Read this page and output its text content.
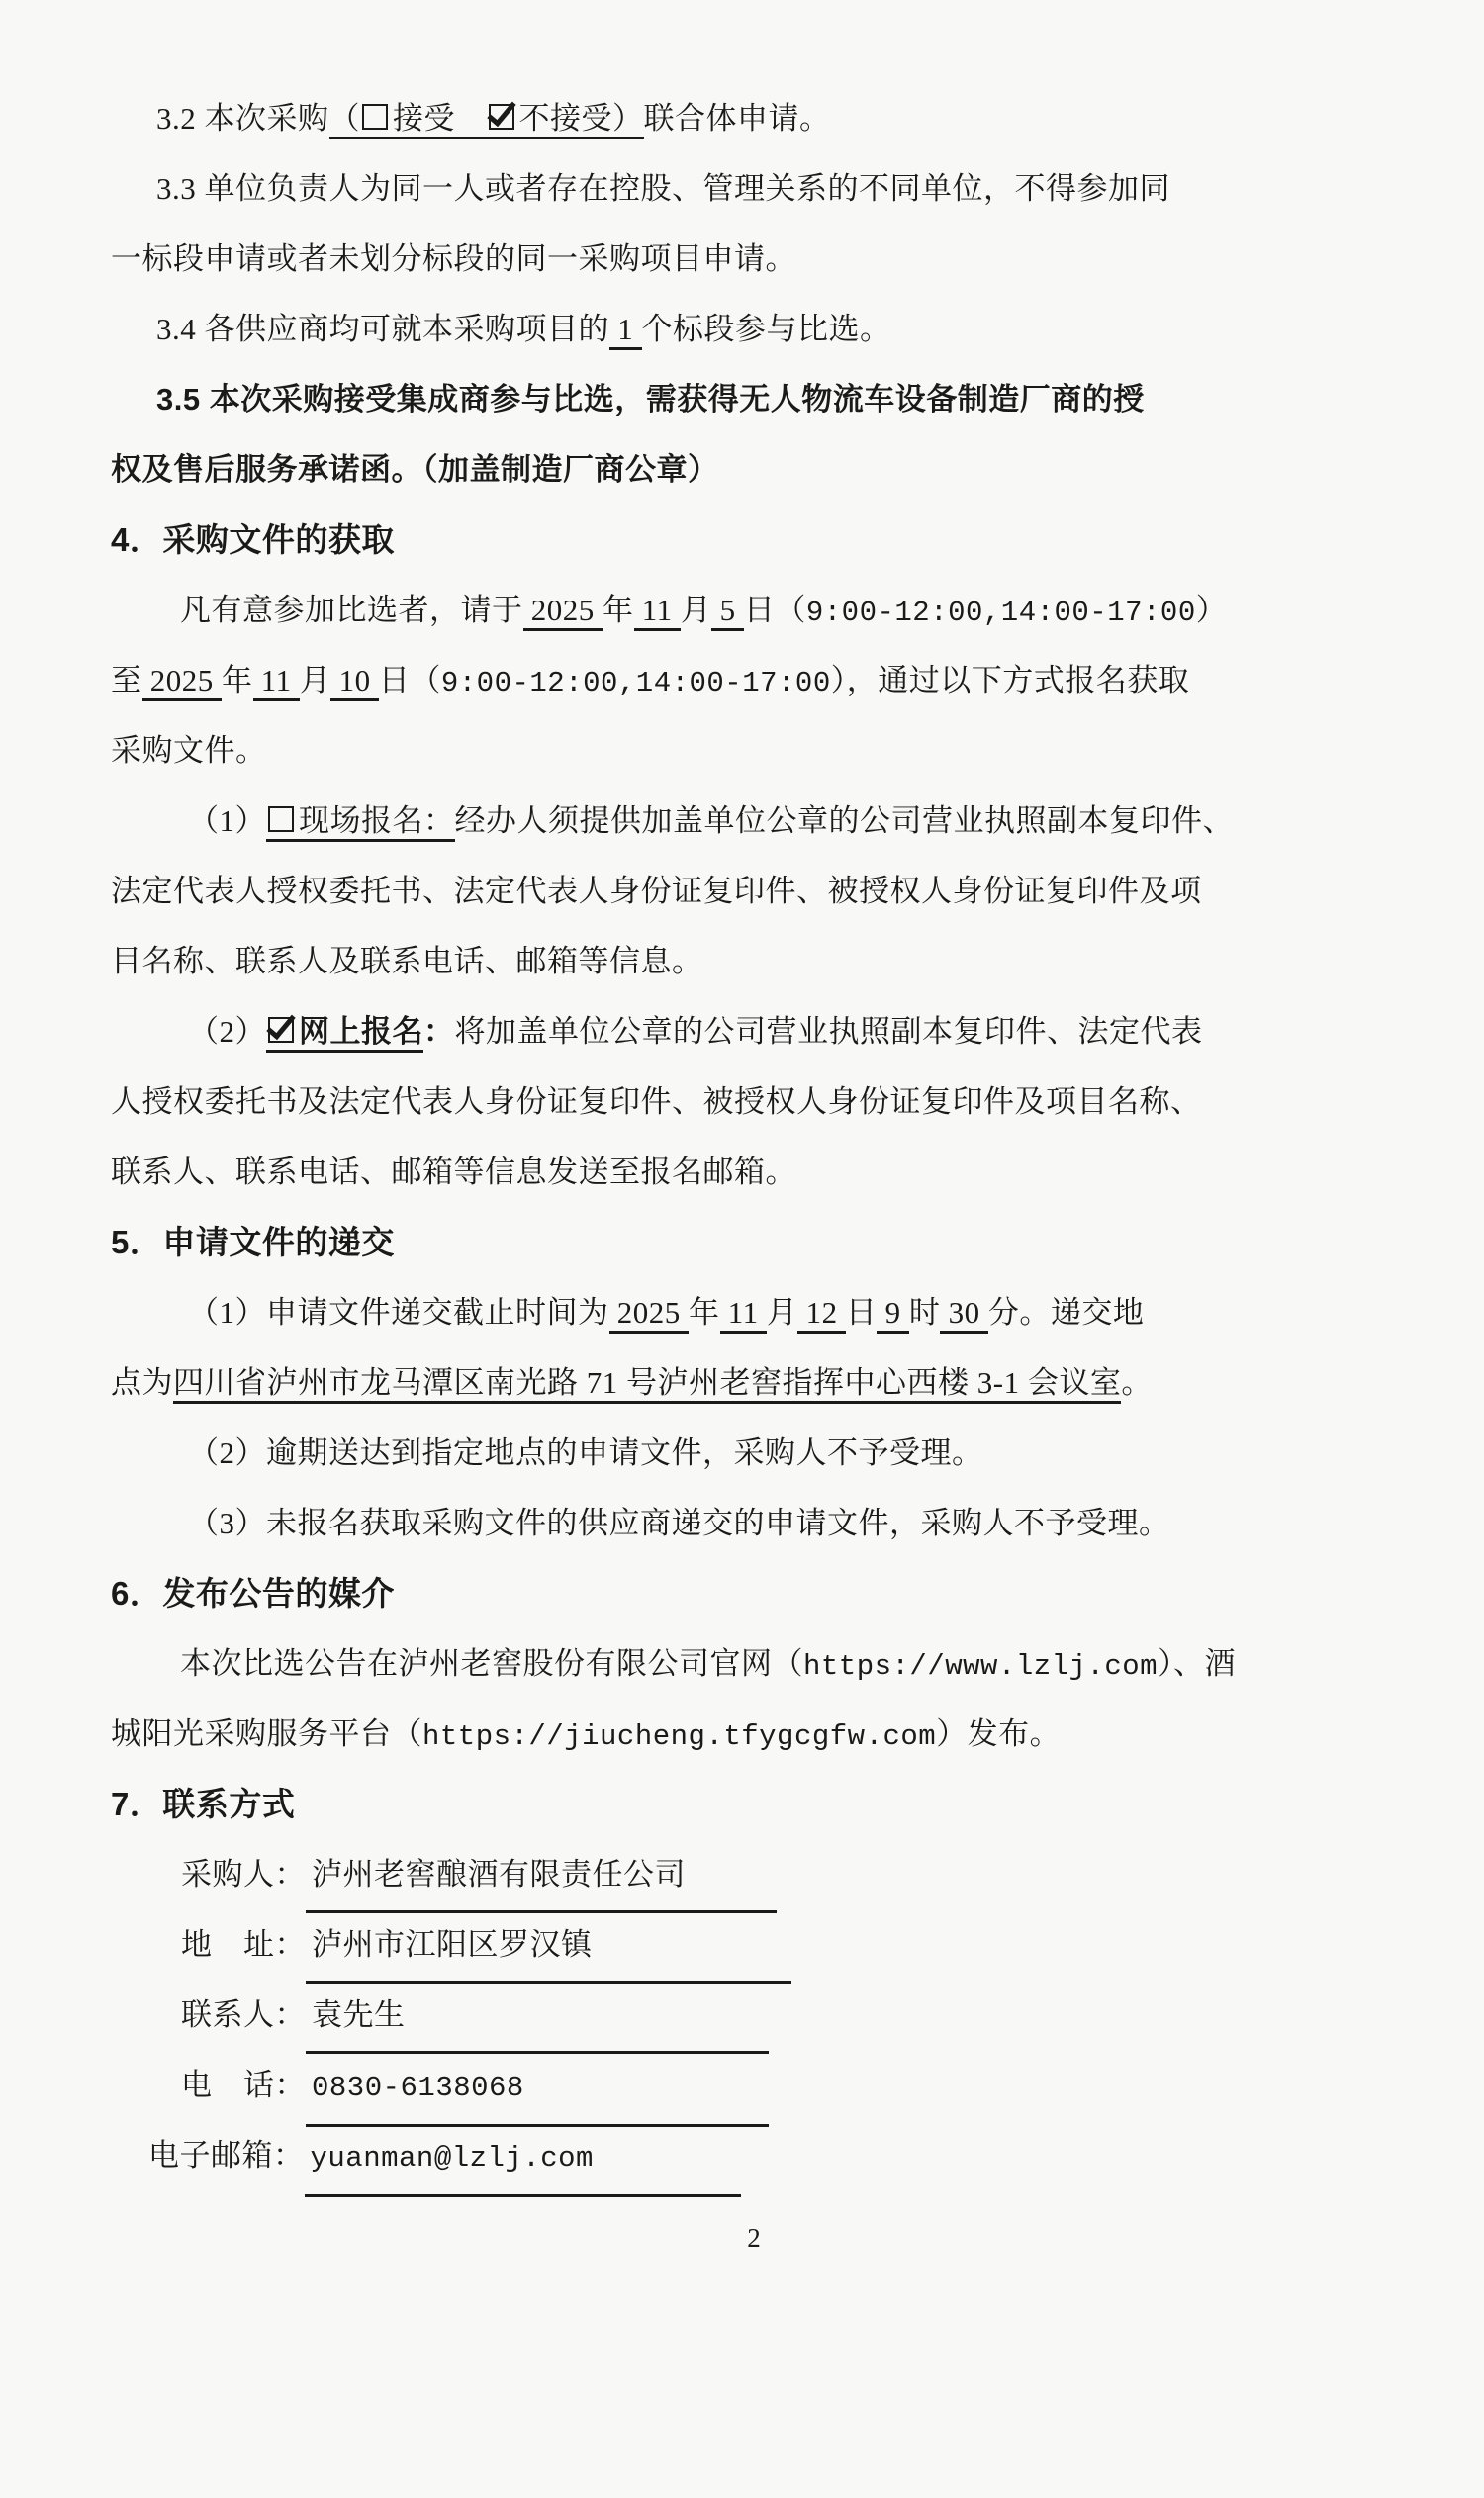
3.2 本次采购（ 接受　不接受）联合体申请。
3.3 单位负责人为同一人或者存在控股、管理关系的不同单位，不得参加同
一标段申请或者未划分标段的同一采购项目申请。
3.4 各供应商均可就本采购项目的 1 个标段参与比选。
3.5 本次采购接受集成商参与比选，需获得无人物流车设备制造厂商的授
权及售后服务承诺函。（加盖制造厂商公章）
4．采购文件的获取
凡有意参加比选者，请于 2025 年 11 月 5 日（9:00-12:00,14:00-17:00）
至 2025 年 11 月 10 日（9:00-12:00,14:00-17:00），通过以下方式报名获取
采购文件。
（1） 现场报名：经办人须提供加盖单位公章的公司营业执照副本复印件、
法定代表人授权委托书、法定代表人身份证复印件、被授权人身份证复印件及项
目名称、联系人及联系电话、邮箱等信息。
（2） 网上报名：将加盖单位公章的公司营业执照副本复印件、法定代表
人授权委托书及法定代表人身份证复印件、被授权人身份证复印件及项目名称、
联系人、联系电话、邮箱等信息发送至报名邮箱。
5．申请文件的递交
（1）申请文件递交截止时间为 2025 年 11 月 12 日 9 时 30 分。递交地
点为四川省泸州市龙马潭区南光路 71 号泸州老窖指挥中心西楼 3-1 会议室。
（2）逾期送达到指定地点的申请文件，采购人不予受理。
（3）未报名获取采购文件的供应商递交的申请文件，采购人不予受理。
6．发布公告的媒介
本次比选公告在泸州老窖股份有限公司官网（https://www.lzlj.com）、酒
城阳光采购服务平台（https://jiucheng.tfygcgfw.com）发布。
7．联系方式
采购人： 泸州老窖酿酒有限责任公司
地　址： 泸州市江阳区罗汉镇
联系人： 袁先生
电　话： 0830-6138068
电子邮箱： yuanman@lzlj.com
2
